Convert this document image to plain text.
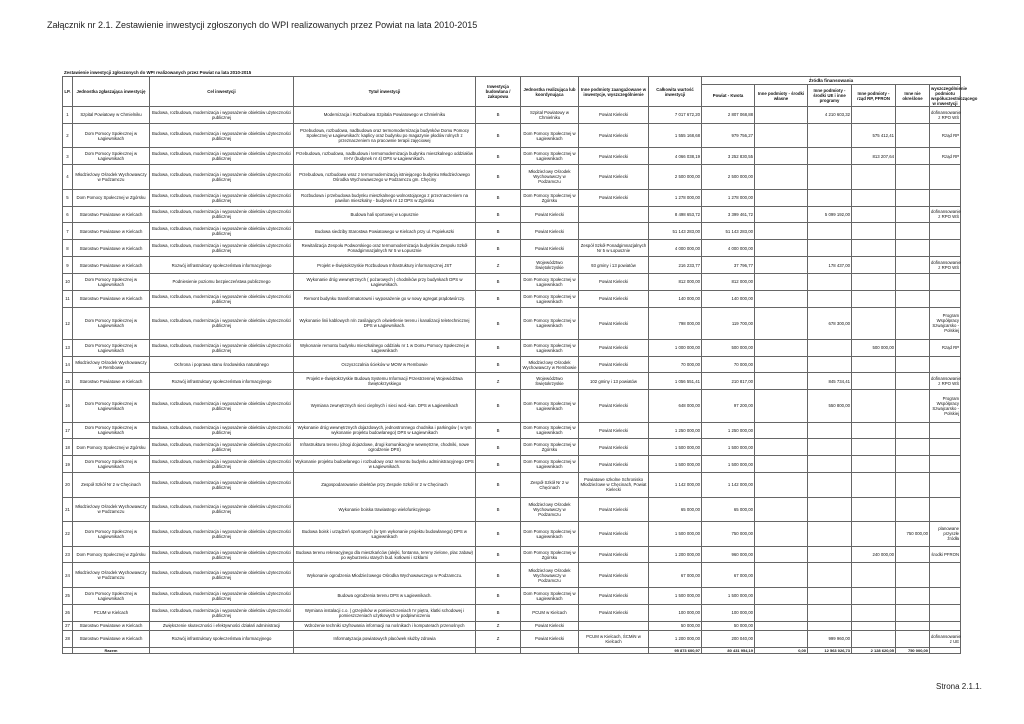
Załącznik nr 2.1. Zestawienie inwestycji zgłoszonych do WPI realizowanych przez Powiat na lata 2010-2015
Zestawienie inwestycji zgłoszonych do WPI realizowanych przez Powiat na lata 2010-2015
LP.	Jednostka zgłaszająca inwestycję	Cel inwestycji	Tytuł inwestycji	Inwestycja budowlana / zakupowa	Jednostka realizująca lub koordynująca	Inne podmioty zaangażowane w inwestycje, wyszczególnienie	Całkowita wartość inwestycji	Źródła finansowania					
								Powiat - Kwota	Inne podmioty - środki własne	Inne podmioty - środki UE i inne programy	Inne podmioty - rząd RP, PFRON	Inne nie określone	wyszczególnienie podmiotu współuczestniczącego w inwestycji
1	Szpital Powiatowy w Chmielniku	Budowa, rozbudowa, modernizacja i wyposażenie obiektów użyteczności publicznej	Modernizacja i Rozbudowa Szpitala Powiatowego w Chmielniku	B	Szpital Powiatowy w Chmielniku	Powiat Kielecki	7 017 672,20	2 807 068,88		4 210 603,32			dofinansowanie z RPO WŚ
2	Dom Pomocy Społecznej w Łagiewnikach	Budowa, rozbudowa, modernizacja i wyposażenie obiektów użyteczności publicznej	Przebudowa, rozbudowa, nadbudowa oraz termomodernizacja budynków Domu Pomocy Społecznej w Łagiewnikach: kaplicy oraz budynku po magazynie płodów rolnych z przeznaczeniem na pracownie terapii zajęciowej	B	Dom Pomocy Społecznej w Łagiewnikach	Powiat Kielecki	1 555 168,68	979 756,27			575 412,41		Rząd RP
3	Dom Pomocy Społecznej w Łagiewnikach	Budowa, rozbudowa, modernizacja i wyposażenie obiektów użyteczności publicznej	Przebudowa, rozbudowa, nadbudowa i termomodernizacja budynku mieszkalnego oddziałów III-IV (budynek nr 4) DPS w Łagiewnikach.	B	Dom Pomocy Społecznej w Łagiewnikach	Powiat Kielecki	4 066 038,19	3 252 830,55			813 207,64		Rząd RP
4	Młodzieżowy Ośrodek Wychowawczy w Podzamczu	Budowa, rozbudowa, modernizacja i wyposażenie obiektów użyteczności publicznej	Przebudowa, rozbudowa wraz z termomodernizacją istniejącego budynku Młodzieżowego Ośrodka Wychowawczego w Podzamczu gm. Chęciny	B	Młodzieżowy Ośrodek Wychowawczy w Podzamczu	Powiat Kielecki	2 500 000,00	2 500 000,00					
5	Dom Pomocy Społecznej w Zgórsku	Budowa, rozbudowa, modernizacja i wyposażenie obiektów użyteczności publicznej	Rozbudowa i przebudowa budynku mieszkalnego wolnostojącego z przeznaczeniem na pawilon mieszkalny - budynek nr 12 DPS w Zgórsku	B	Dom Pomocy Społecznej w Zgórsku	Powiat Kielecki	1 278 000,00	1 278 000,00					
6	Starostwo Powiatowe w Kielcach	Budowa, rozbudowa, modernizacja i wyposażenie obiektów użyteczności publicznej	Budowa hali sportowej w Łopusznie	B	Powiat Kielecki		8 498 653,72	3 399 461,72		5 099 192,00			dofinansowanie z RPO WŚ
7	Starostwo Powiatowe w Kielcach	Budowa, rozbudowa, modernizacja i wyposażenie obiektów użyteczności publicznej	Budowa siedziby Starostwa Powiatowego w Kielcach przy ul. Popiełuszki	B	Powiat Kielecki		51 143 283,00	51 143 283,00					
8	Starostwo Powiatowe w Kielcach	Budowa, rozbudowa, modernizacja i wyposażenie obiektów użyteczności publicznej	Rewitalizacja Zespołu Podworskiego oraz termomodernizacja budynków Zespołu Szkół Ponadgimnazjalnych Nr 5 w Łopusznie	B	Powiat Kielecki	Zespół Szkół Ponadgimnazjalnych Nr 5 w Łopusznie	4 000 000,00	4 000 000,00					
9	Starostwo Powiatowe w Kielcach	Rozwój infrastruktury społeczeństwa informacyjnego	Projekt e-Świętokrzyskie Rozbudowa Infrastruktury informatycznej JST	Z	Województwo Świętokrzyskie	93 gminy i 13 powiatów	216 233,77	37 796,77		178 437,00			dofinansowanie z RPO WŚ
10	Dom Pomocy Społecznej w Łagiewnikach	Podniesienie poziomu bezpieczeństwa publicznego	Wykonanie dróg wewnętrznych ( pożarowych ) chodników przy budynkach DPS w Łagiewnikach.	B	Dom Pomocy Społecznej w Łagiewnikach	Powiat Kielecki	812 000,00	812 000,00					
11	Starostwo Powiatowe w Kielcach	Budowa, rozbudowa, modernizacja i wyposażenie obiektów użyteczności publicznej	Remont budynku transformatorowni i wyposażenie go w nowy agregat prądotwórczy.	B	Dom Pomocy Społecznej w Łagiewnikach	Powiat Kielecki	140 000,00	140 000,00					
12	Dom Pomocy Społecznej w Łagiewnikach	Budowa, rozbudowa, modernizacja i wyposażenie obiektów użyteczności publicznej	Wykonanie linii kablowych n/n zasilających oświetlenie terenu i kanalizacji teletechnicznej DPS w Łagiewnikach.	B	Dom Pomocy Społecznej w Łagiewnikach	Powiat Kielecki	798 000,00	119 700,00		678 300,00			Program Współpracy Szwajcarsko - Polskiej
13	Dom Pomocy Społecznej w Łagiewnikach	Budowa, rozbudowa, modernizacja i wyposażenie obiektów użyteczności publicznej	Wykonanie remontu budynku mieszkalnego oddziału nr 1 w Domu Pomocy Społecznej w Łagiewnikach	B	Dom Pomocy Społecznej w Łagiewnikach	Powiat Kielecki	1 000 000,00	500 000,00			500 000,00		Rząd RP
14	Młodzieżowy Ośrodek Wychowawczy w Rembowie	Ochrona i poprawa stanu środowiska naturalnego	Oczyszczalnia ścieków w MOW w Rembowie	B	Młodzieżowy Ośrodek Wychowawczy w Rembowie	Powiat Kielecki	70 000,00	70 000,00					
15	Starostwo Powiatowe w Kielcach	Rozwój infrastruktury społeczeństwa informacyjnego	Projekt e-Świętokrzyskie Budowa Systemu Informacji Przestrzennej Województwa Świętokrzyskiego	Z	Województwo Świętokrzyskie	102 gminy i 13 powiatów	1 056 551,41	210 817,00		845 734,41			dofinansowanie z RPO WŚ
16	Dom Pomocy Społecznej w Łagiewnikach	Budowa, rozbudowa, modernizacja i wyposażenie obiektów użyteczności publicznej	Wymiana zewnętrznych sieci cieplnych i sieci wod.-kan. DPS w Łagiewnikach	B	Dom Pomocy Społecznej w Łagiewnikach	Powiat Kielecki	648 000,00	97 200,00		550 800,00			Program Współpracy Szwajcarsko - Polskiej
17	Dom Pomocy Społecznej w Łagiewnikach	Budowa, rozbudowa, modernizacja i wyposażenie obiektów użyteczności publicznej	Wykonanie dróg wewnętrznych dojazdowych, jednostronnego chodnika i parkingów ( w tym wykonanie projektu budowlanego) DPS w Łagiewnikach	B	Dom Pomocy Społecznej w Łagiewnikach	Powiat Kielecki	1 250 000,00	1 250 000,00					
18	Dom Pomocy Społecznej w Zgórsku	Budowa, rozbudowa, modernizacja i wyposażenie obiektów użyteczności publicznej	Infrastruktura terenu (drogi dojazdowe, drogi komunikacyjne wewnętrzne, chodniki, nowe ogrodzenie DPS)	B	Dom Pomocy Społecznej w Zgórsku	Powiat Kielecki	1 500 000,00	1 500 000,00					
19	Dom Pomocy Społecznej w Łagiewnikach	Budowa, rozbudowa, modernizacja i wyposażenie obiektów użyteczności publicznej	Wykonanie projektu budowlanego i rozbudowy oraz remontu budynku administracyjnego DPS w Łagiewnikach.	B	Dom Pomocy Społecznej w Łagiewnikach	Powiat Kielecki	1 500 000,00	1 500 000,00					
20	Zespół Szkół Nr 2 w Chęcinach	Budowa, rozbudowa, modernizacja i wyposażenie obiektów użyteczności publicznej	Zagospodarowanie obiektów przy Zespole Szkół nr 2 w Chęcinach	B	Zespół Szkół Nr 2 w Chęcinach	Powiatowe szkolne Schronisko Młodzieżowe w Chęcinach, Powiat Kielecki	1 142 000,00	1 142 000,00					
21	Młodzieżowy Ośrodek Wychowawczy w Podzamczu	Budowa, rozbudowa, modernizacja i wyposażenie obiektów użyteczności publicznej	Wykonanie boiska trawiastego wielofunkcyjnego	B	Młodzieżowy Ośrodek Wychowawczy w Podzamczu	Powiat Kielecki	65 000,00	65 000,00					
22	Dom Pomocy Społecznej w Łagiewnikach	Budowa, rozbudowa, modernizacja i wyposażenie obiektów użyteczności publicznej	Budowa boisk i urządzeń sportowych (w tym wykonanie projektu budowlanego) DPS w Łagiewnikach	B	Dom Pomocy Społecznej w Łagiewnikach	Powiat Kielecki	1 500 000,00	750 000,00				750 000,00	planowane przyszłe źródła
23	Dom Pomocy Społecznej w Zgórsku	Budowa, rozbudowa, modernizacja i wyposażenie obiektów użyteczności publicznej	Budowa terenu rekreacyjnego dla mieszkańców (alejki, fontanna, tereny zielone, plac zabaw) po wyburzeniu starych bud. kotłowni i szklarni	B	Dom Pomocy Społecznej w Zgórsku	Powiat Kielecki	1 200 000,00	960 000,00			240 000,00		środki PFRON
24	Młodzieżowy Ośrodek Wychowawczy w Podzamczu	Budowa, rozbudowa, modernizacja i wyposażenie obiektów użyteczności publicznej	Wykonanie ogrodzenia Młodzieżowego Ośrodka Wychowawczego w Podzamczu.	B	Młodzieżowy Ośrodek Wychowawczy w Podzamczu	Powiat Kielecki	67 000,00	67 000,00					
25	Dom Pomocy Społecznej w Łagiewnikach	Budowa, rozbudowa, modernizacja i wyposażenie obiektów użyteczności publicznej	Budowa ogrodzenia terenu DPS w Łagiewnikach.	B	Dom Pomocy Społecznej w Łagiewnikach	Powiat Kielecki	1 500 000,00	1 500 000,00					
26	PCUM w Kielcach	Budowa, rozbudowa, modernizacja i wyposażenie obiektów użyteczności publicznej	Wymiana instalacji c.o. ( grzejników w pomieszczeniach IV piętra, klatki schodowej i pomieszczeniach użytkowych w podpiwniczeniu	B	PCUM w Kielcach	Powiat Kielecki	100 000,00	100 000,00					
27	Starostwo Powiatowe w Kielcach	Zwiększenie skuteczności i efektywności działań administracji	Wdrożenie techniki szyfrowania informacji na nośnikach i komputerach przenośnych	Z	Powiat Kielecki		50 000,00	50 000,00					
28	Starostwo Powiatowe w Kielcach	Rozwój infrastruktury społeczeństwa informacyjnego	Informatyzacja powiatowych placówek służby zdrowia	Z	Powiat Kielecki	PCUM w Kielcach, ŚCMiN w Kielcach	1 200 000,00	200 040,00		999 960,00			dofinansowanie z UE
	Razem						95 873 600,97	80 431 954,19	0,00	12 563 026,73	2 128 620,05	750 000,00	
Strona 2.1.1.
